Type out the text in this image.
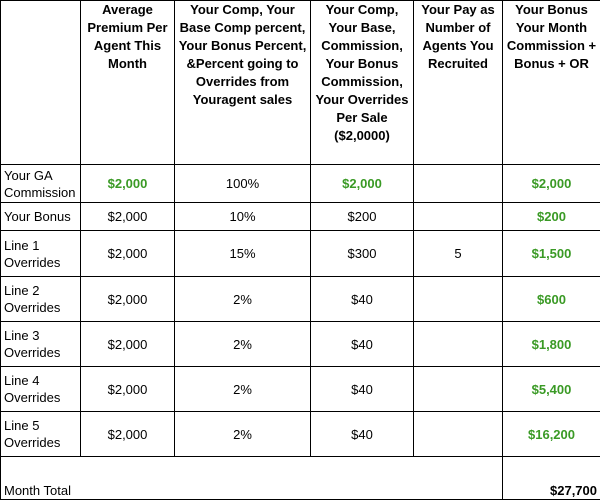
	Average Premium Per Agent This Month	Your Comp, Your Base Comp percent, Your Bonus Percent, &Percent going to Overrides from Youragent sales	Your Comp, Your Base, Commission, Your Bonus Commission, Your Overrides Per Sale ($2,0000)	Your Pay as Number of Agents You Recruited	Your Bonus Your Month Commission + Bonus + OR
Your GA Commission	$2,000	100%	$2,000		$2,000
Your Bonus	$2,000	10%	$200		$200
Line 1 Overrides	$2,000	15%	$300	5	$1,500
Line 2 Overrides	$2,000	2%	$40		$600
Line 3 Overrides	$2,000	2%	$40		$1,800
Line 4 Overrides	$2,000	2%	$40		$5,400
Line 5 Overrides	$2,000	2%	$40		$16,200
Month Total					$27,700
